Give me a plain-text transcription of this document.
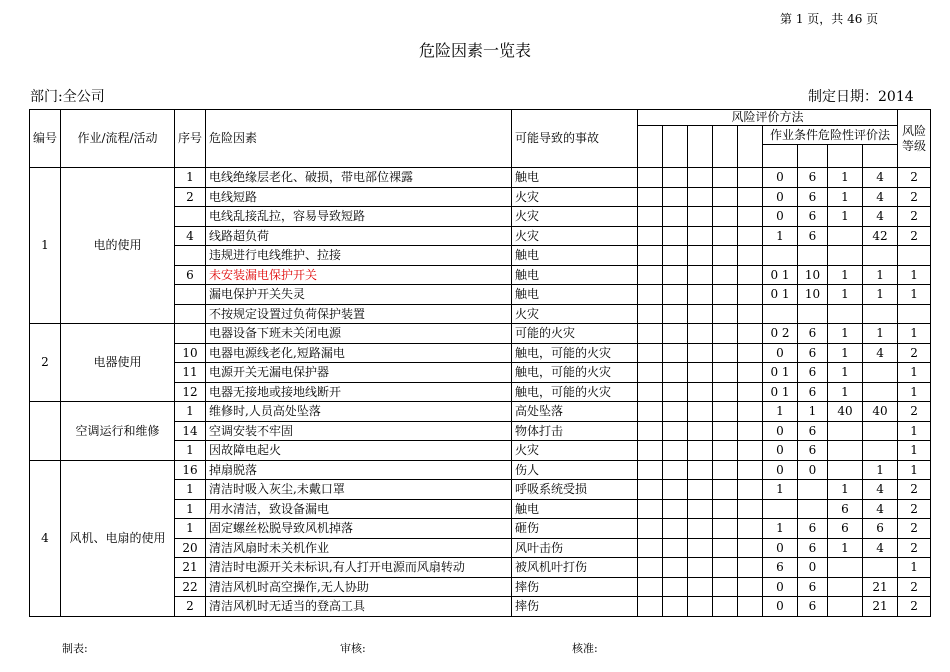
第 1 页，共 46 页
危险因素一览表
部门:全公司	制定日期：2014
编号	作业/流程/活动	序号	危险因素	可能导致的事故	风险评价方法									风险等级
										作业条件危险性评价法				

1	电的使用	1	电线绝缘层老化、破损，带电部位裸露	触电						0	6	1	4	2
		2	电线短路	火灾						0	6	1	4	2
			电线乱接乱拉，容易导致短路	火灾						0	6	1	4	2
		4	线路超负荷	火灾						1	6		42	2
			违规进行电线维护、拉接	触电										
		6	未安装漏电保护开关	触电						0 1	10	1	1	1
			漏电保护开关失灵	触电						0 1	10	1	1	1
			不按规定设置过负荷保护装置	火灾										
2	电器使用		电器设备下班未关闭电源	可能的火灾						0 2	6	1	1	1
		10	电器电源线老化,短路漏电	触电，可能的火灾						0	6	1	4	2
		11	电源开关无漏电保护器	触电，可能的火灾						0 1	6	1		1
		12	电器无接地或接地线断开	触电，可能的火灾						0 1	6	1		1
	空调运行和维修	1	维修时,人员高处坠落	高处坠落						1	1	40	40	2
		14	空调安装不牢固	物体打击						0	6			1
		1	因故障电起火	火灾						0	6			1
4	风机、电扇的使用	16	掉扇脱落	伤人						0	0		1	1
		1	清洁时吸入灰尘,未戴口罩	呼吸系统受损						1		1	4	2
		1	用水清洁，致设备漏电	触电								6	4	2
		1	固定螺丝松脱导致风机掉落	砸伤						1	6	6	6	2
		20	清洁风扇时未关机作业	风叶击伤						0	6	1	4	2
		21	清洁时电源开关未标识,有人打开电源而风扇转动	被风机叶打伤						6	0			1
		22	清洁风机时高空操作,无人协助	摔伤						0	6		21	2
		2	清洁风机时无适当的登高工具	摔伤						0	6		21	2
制表:	审核:	核准:
